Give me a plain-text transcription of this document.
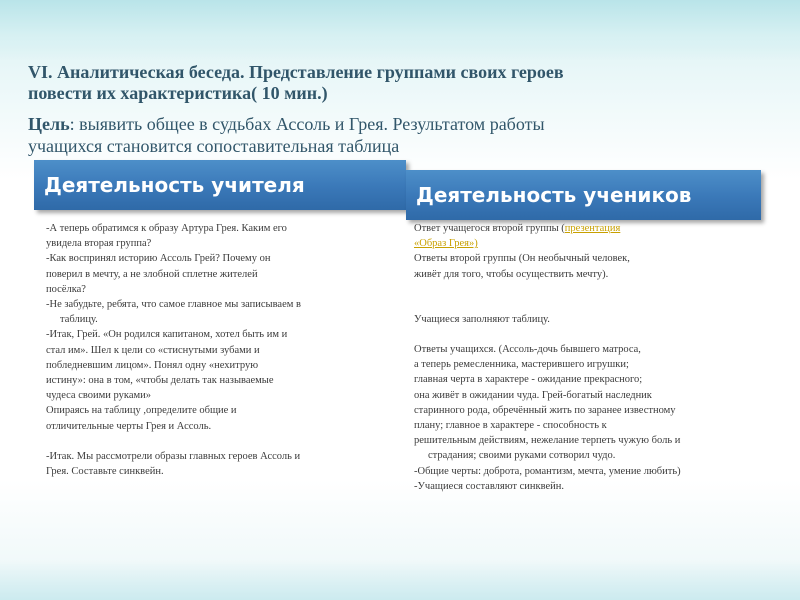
VI. Аналитическая беседа. Представление группами своих героев
повести их характеристика( 10 мин.)
Цель: выявить общее в судьбах Ассоль и Грея. Результатом работы
учащихся становится сопоставительная таблица
Деятельность учителя	Деятельность учеников

-А теперь обратимся к образу Артура Грея. Каким его

увидела вторая группа?

-Как воспринял историю Ассоль Грей? Почему он

поверил в мечту, а не злобной сплетне жителей

посёлка?

-Не забудьте, ребята, что самое главное мы записываем в

таблицу.

-Итак, Грей. «Он родился капитаном, хотел быть им и

стал им». Шел к цели со «стиснутыми зубами и

побледневшим лицом». Понял одну «нехитрую

истину»: она в том, «чтобы делать так называемые

чудеса своими руками»

Опираясь на таблицу ,определите общие и

отличительные черты Грея и Ассоль.

-Итак. Мы рассмотрели образы главных героев Ассоль и

Грея. Составьте синквейн.

Ответ учащегося второй группы (презентация

«Образ Грея»)

Ответы второй группы (Он необычный человек,

живёт для того, чтобы осуществить мечту).

Учащиеся заполняют таблицу.

Ответы учащихся. (Ассоль-дочь бывшего матроса,

а теперь ремесленника, мастерившего игрушки;

главная черта в характере - ожидание прекрасного;

она живёт в ожидании чуда. Грей-богатый наследник

старинного рода, обречённый жить по заранее известному

плану; главное в характере - способность к

решительным действиям, нежелание терпеть чужую боль и

страдания; своими руками сотворил чудо.

-Общие черты: доброта, романтизм, мечта, умение любить)

-Учащиеся составляют синквейн.
